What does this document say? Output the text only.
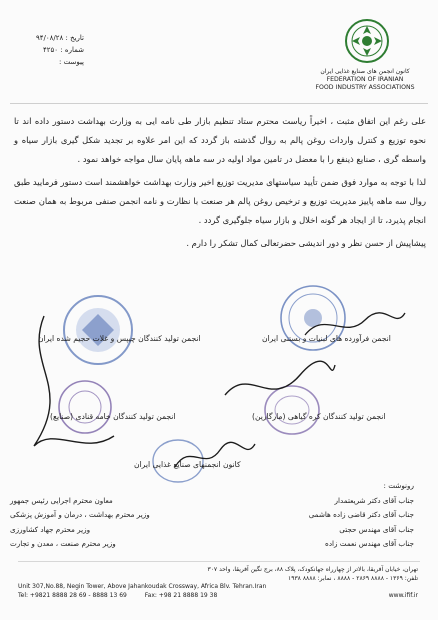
تاریخ : ۹۴/۰۸/۲۸
شماره : ۴۲۵۰
پیوست :
کانون انجمن های صنایع غذایی ایران
FEDERATION OF IRANIAN
FOOD INDUSTRY ASSOCIATIONS

علی رغم این اتفاق مثبت ، اخیراً ریاست محترم ستاد تنظیم بازار طی نامه ایی به وزارت بهداشت دستور داده اند تا نحوه توزیع و کنترل واردات روغن پالم به روال گذشته باز گردد که این امر علاوه بر تجدید شکل گیری بازار سیاه و واسطه گری ، صنایع ذینفع را با معضل در تامین مواد اولیه در سه ماهه پایان سال مواجه خواهد نمود .

لذا با توجه به موارد فوق ضمن تأیید سیاستهای مدیریت توزیع اخیر وزارت بهداشت خواهشمند است دستور فرمایید طبق روال سه ماهه پاییز مدیریت توزیع و ترخیص روغن پالم هر صنعت با نظارت و نامه انجمن صنفی مربوط به همان صنعت انجام پذیرد، تا از ایجاد هر گونه اخلال و بازار سیاه جلوگیری گردد .

پیشاپیش از حسن نظر و دور اندیشی حضرتعالی کمال تشکر را دارم .

انجمن فرآورده های لبنیات و بستنی ایران
انجمن تولید کنندگان چیپس و غلات حجیم شده ایران
انجمن تولید کنندگان کره گیاهی (مارگارین)
انجمن تولید کنندگان خامه قنادی (صنایع)
کانون انجمنهای صنایع غذایی ایران
رونوشت :
جناب آقای دکتر شریعتمدار
معاون محترم اجرایی رئیس جمهور
جناب آقای دکتر قاضی زاده هاشمی
وزیر محترم بهداشت ، درمان و آموزش پزشکی
جناب آقای مهندس حجتی
وزیر محترم جهاد کشاورزی
جناب آقای مهندس نعمت زاده
وزیر محترم صنعت ، معدن و تجارت
تهران، خیابان آفریقا، بالاتر از چهارراه جهانکودک، پلاک ۸۸، برج نگین آفریقا، واحد ۳۰۷
تلفن: ۱۳۶۹ - ۸۸۸۸ ۲۸۶۹ - ۸۸۸۸ ، نمابر: ۸۸۸۸ ۱۹۳۸
Unit 307,No.88, Negin Tower, Above Jahankoudak Crossway, Africa Blv. Tehran.Iran
Tel: +9821 8888 28 69 - 8888 13 69	Fax: +98 21 8888 19 38	www.ifif.ir
